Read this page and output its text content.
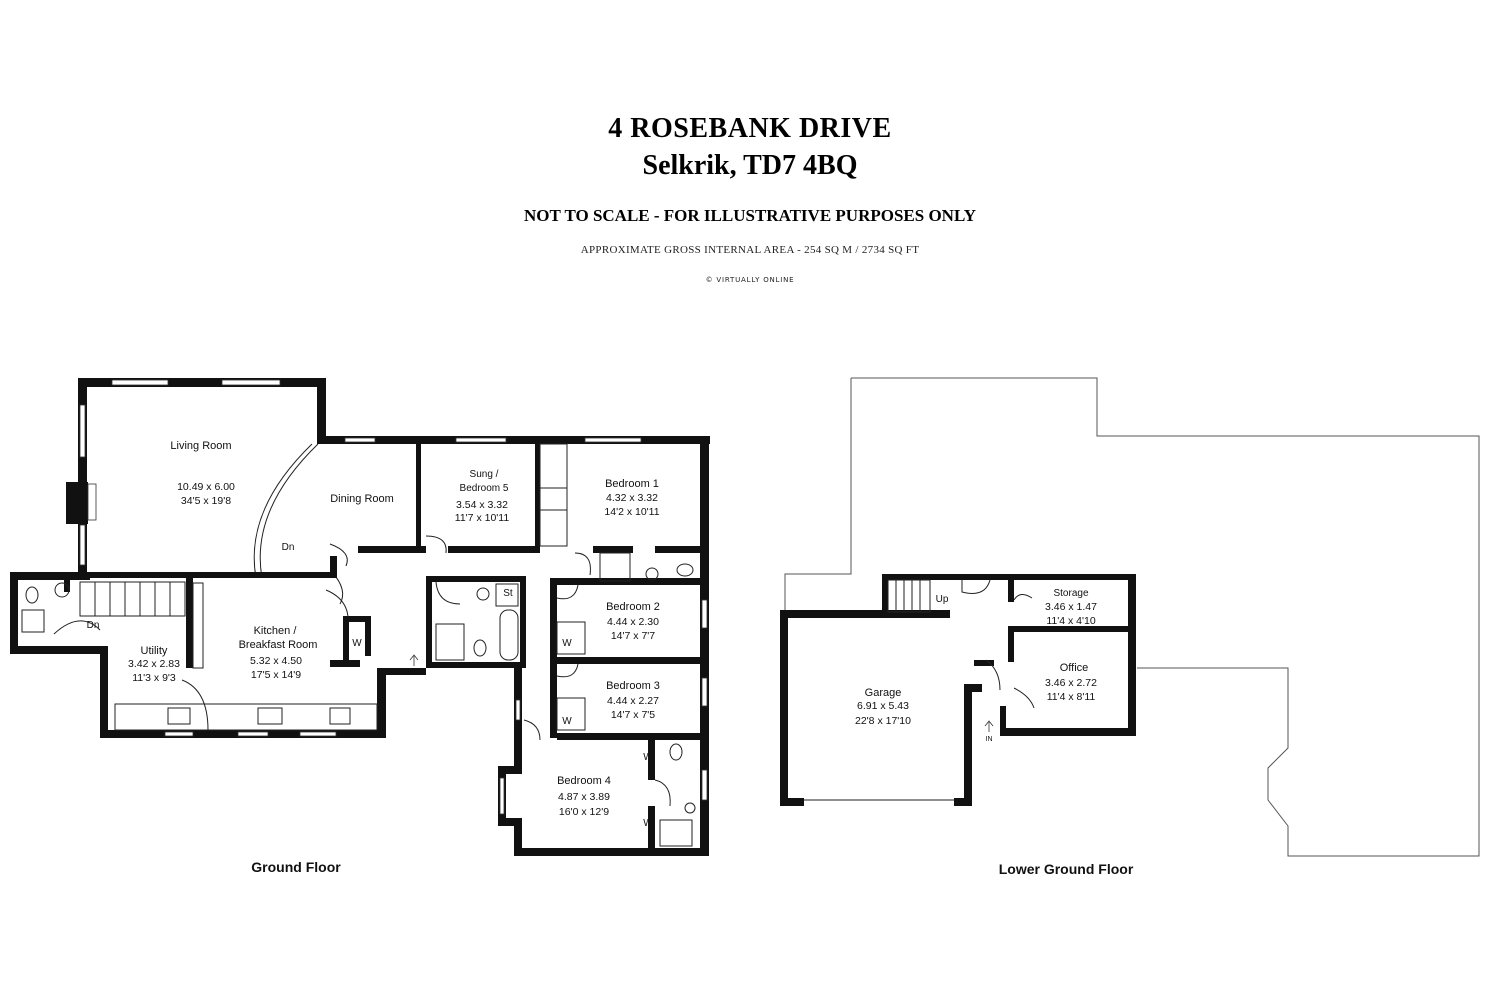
4 ROSEBANK DRIVE
Selkrik, TD7 4BQ
NOT TO SCALE - FOR ILLUSTRATIVE PURPOSES ONLY
APPROXIMATE GROSS INTERNAL AREA - 254 SQ M / 2734 SQ FT
© VIRTUALLY ONLINE
Living Room
10.49 x 6.00
34'5 x 19'8	Dining Room
Dn
Sung /
Bedroom 5
3.54 x 3.32
11'7 x 10'11
Bedroom 1
4.32 x 3.32
14'2 x 10'11
Bedroom 2
4.44 x 2.30
14'7 x 7'7
Bedroom 3
4.44 x 2.27
14'7 x 7'5
Bedroom 4
4.87 x 3.89
16'0 x 12'9
Kitchen /
Breakfast Room
5.32 x 4.50
17'5 x 14'9
Utility
3.42 x 2.83
11'3 x 9'3
Dn
St
W	W
W
W
W
IN
Ground Floor
Up
Garage
6.91 x 5.43
22'8 x 17'10
Storage
3.46 x 1.47
11'4 x 4'10
Office
3.46 x 2.72
11'4 x 8'11
IN
Lower Ground Floor
